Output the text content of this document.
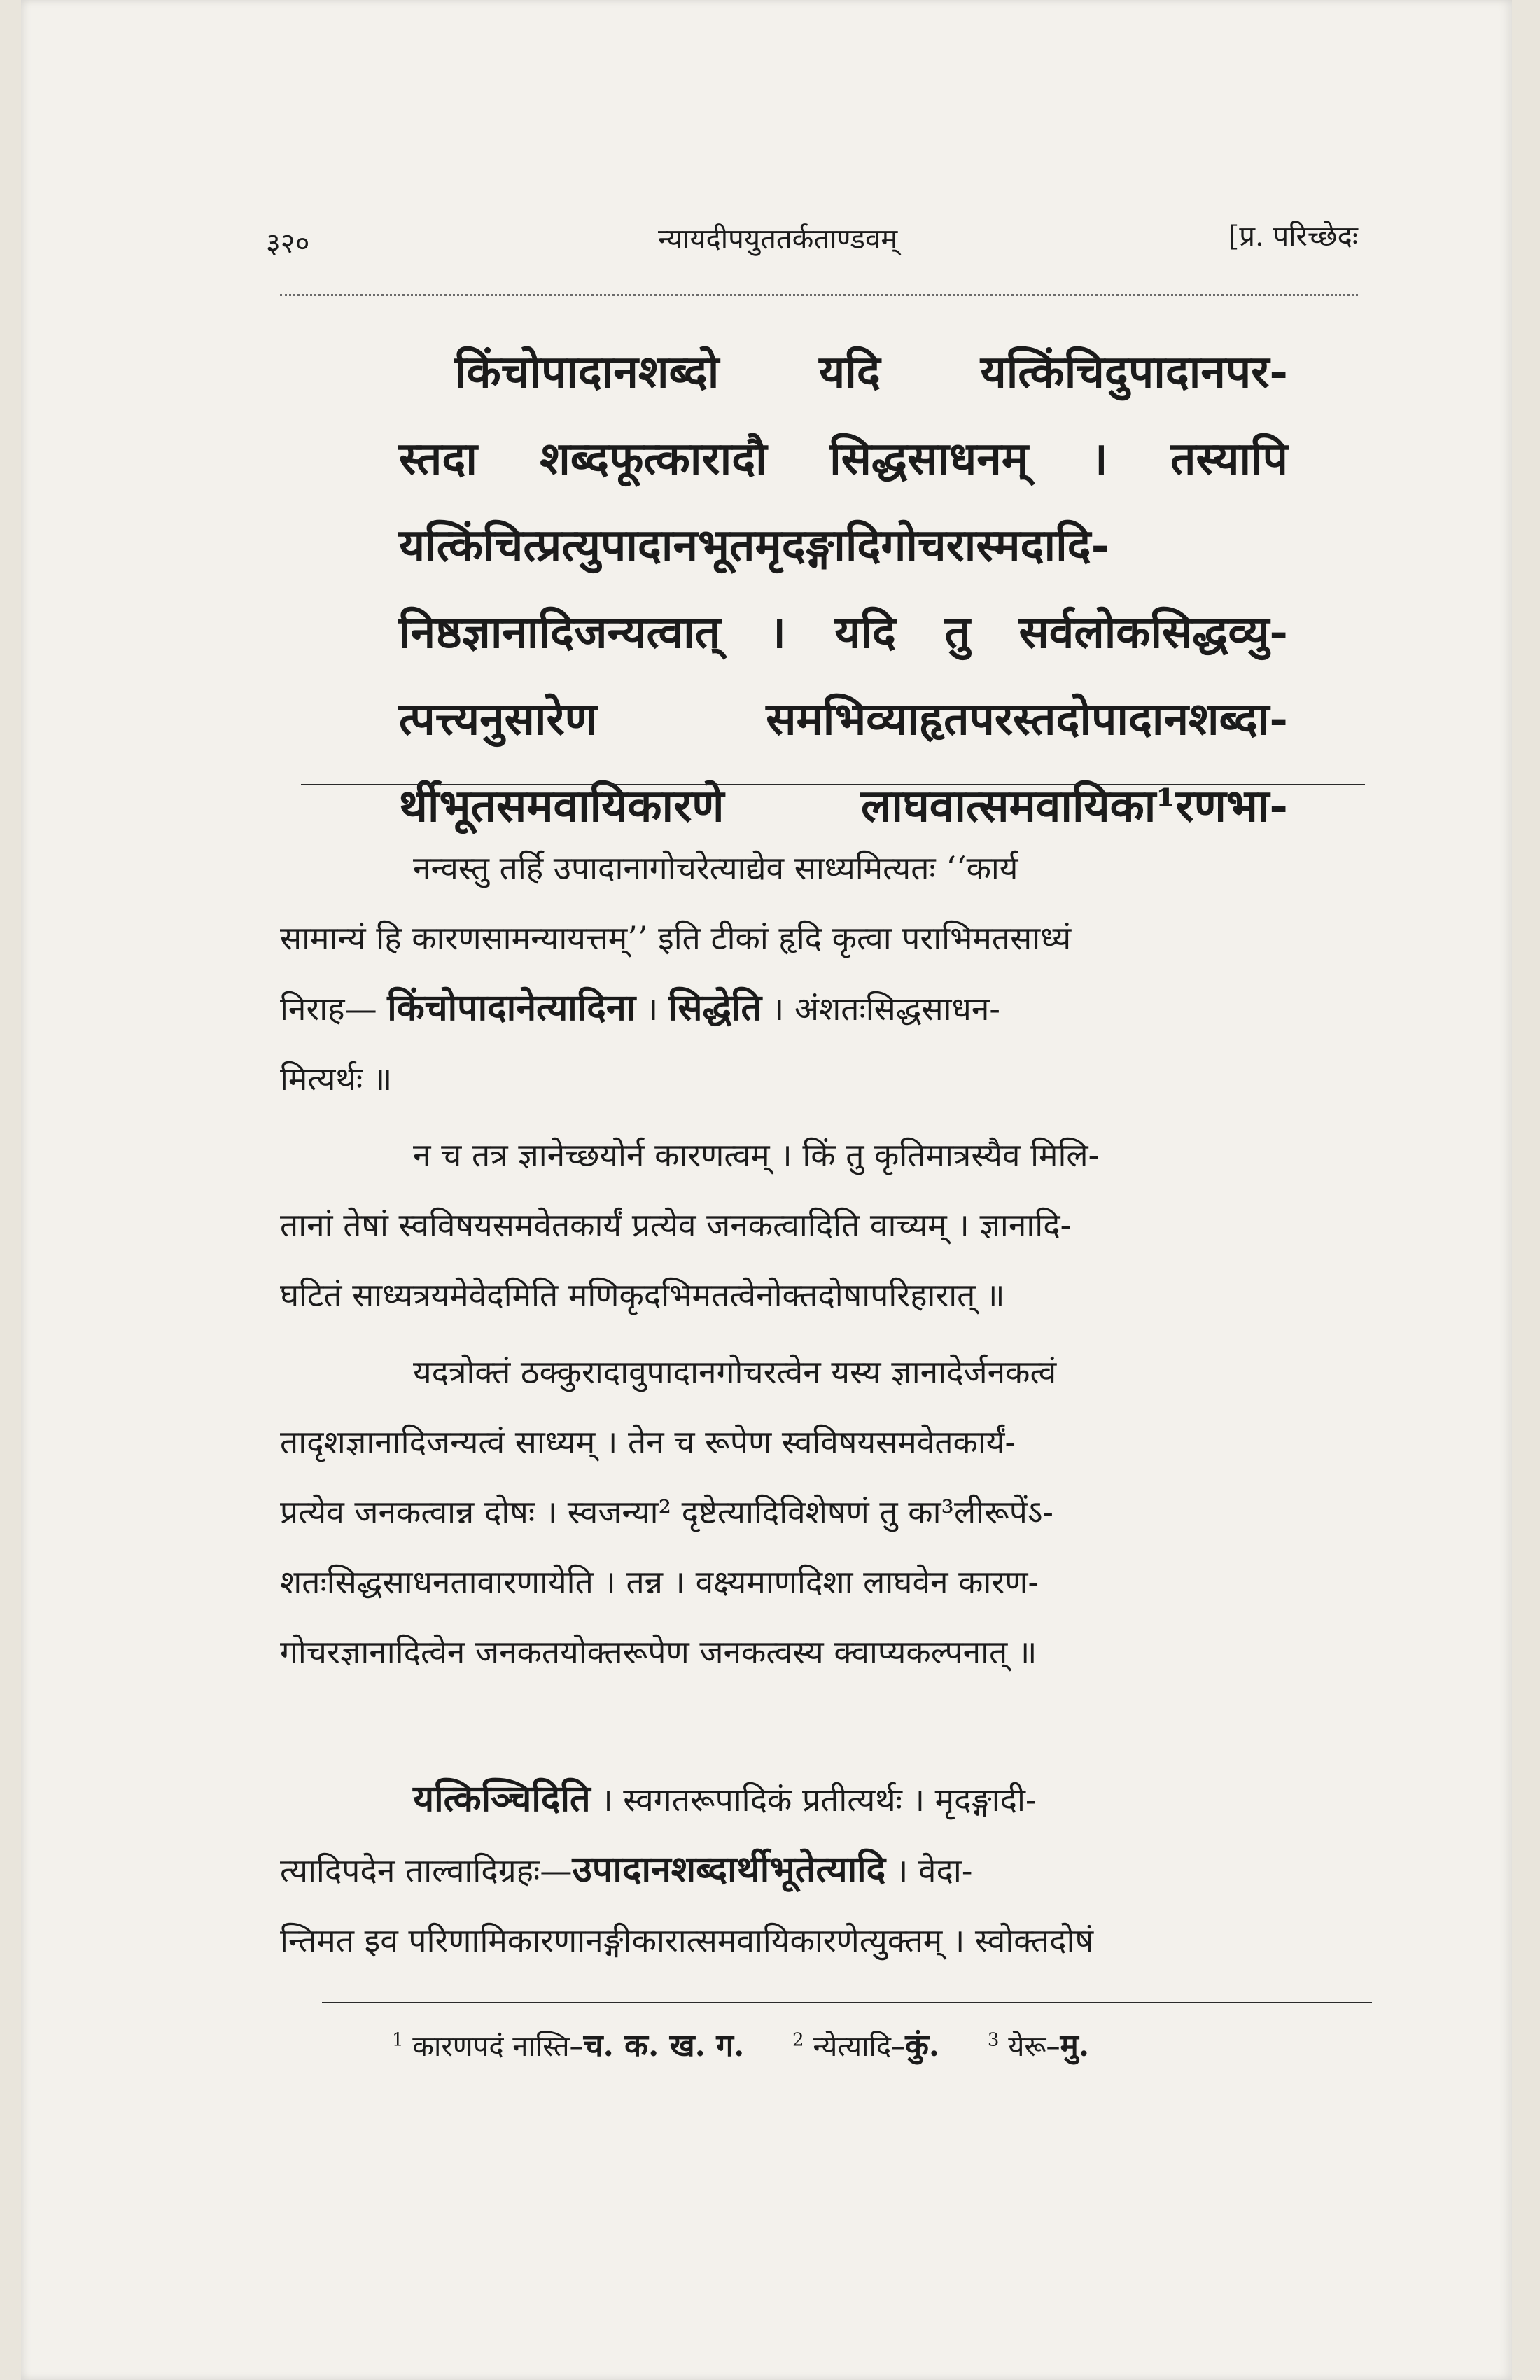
३२०	न्यायदीपयुततर्कताण्डवम्	[प्र. परिच्छेदः
किंचोपादानशब्दो यदि यत्किंचिदुपादानपर-
स्तदा शब्दफूत्कारादौ सिद्धसाधनम् । तस्यापि
यत्किंचित्प्रत्युपादानभूतमृदङ्गादिगोचरास्मदादि-
निष्ठज्ञानादिजन्यत्वात् । यदि तु सर्वलोकसिद्धव्यु-
त्पत्त्यनुसारेण समभिव्याहृतपरस्तदोपादानशब्दा-
र्थीभूतसमवायिकारणे लाघवात्समवायिका¹रणभा-
नन्वस्तु तर्हि उपादानागोचरेत्याद्येव साध्यमित्यतः ‘‘कार्य
सामान्यं हि कारणसामन्यायत्तम्’’ इति टीकां हृदि कृत्वा पराभिमतसाध्यं
निराह— किंचोपादानेत्यादिना । सिद्धेति । अंशतःसिद्धसाधन-
मित्यर्थः ॥
न च तत्र ज्ञानेच्छयोर्न कारणत्वम् । किं तु कृतिमात्रस्यैव मिलि-
तानां तेषां स्वविषयसमवेतकार्यं प्रत्येव जनकत्वादिति वाच्यम् । ज्ञानादि-
घटितं साध्यत्रयमेवेदमिति मणिकृदभिमतत्वेनोक्तदोषापरिहारात् ॥
यदत्रोक्तं ठक्कुरादावुपादानगोचरत्वेन यस्य ज्ञानादेर्जनकत्वं
तादृशज्ञानादिजन्यत्वं साध्यम् । तेन च रूपेण स्वविषयसमवेतकार्यं-
प्रत्येव जनकत्वान्न दोषः । स्वजन्या² दृष्टेत्यादिविशेषणं तु का³लीरूपेंऽ-
शतःसिद्धसाधनतावारणायेति । तन्न । वक्ष्यमाणदिशा लाघवेन कारण-
गोचरज्ञानादित्वेन जनकतयोक्तरूपेण जनकत्वस्य क्वाप्यकल्पनात् ॥
यत्किञ्चिदिति । स्वगतरूपादिकं प्रतीत्यर्थः । मृदङ्गादी-
त्यादिपदेन ताल्वादिग्रहः—उपादानशब्दार्थीभूतेत्यादि । वेदा-
न्तिमत इव परिणामिकारणानङ्गीकारात्समवायिकारणेत्युक्तम् । स्वोक्तदोषं
$^1$ कारणपदं नास्ति–च. क. ख. ग.	$^2$ न्येत्यादि–कुं.	$^3$ येरू–मु.
